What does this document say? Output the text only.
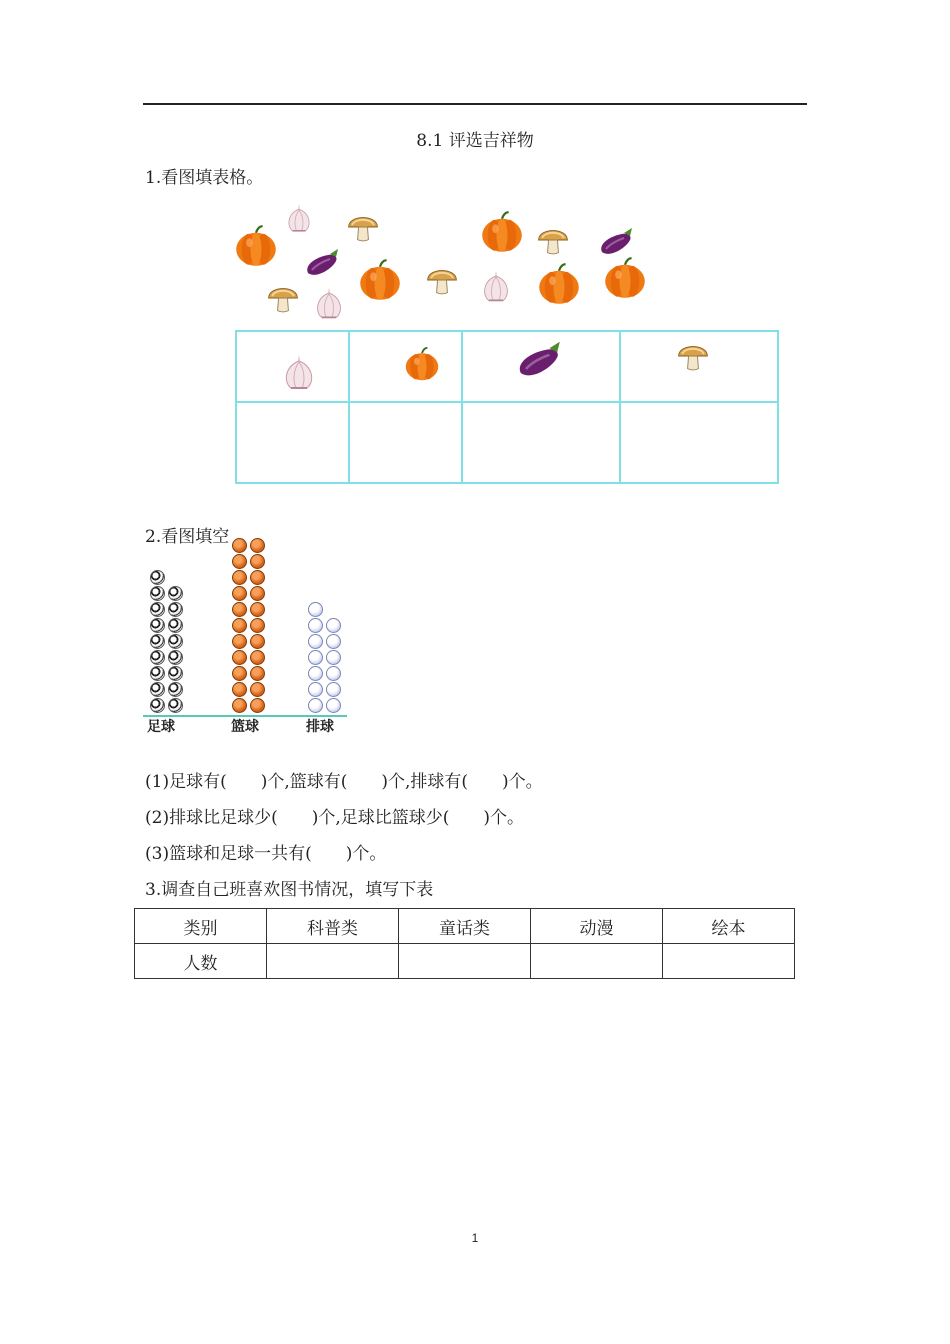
8.1 评选吉祥物
1.看图填表格。

2.看图填空
足球	篮球	排球
(1)足球有(　　)个,篮球有(　　)个,排球有(　　)个。
(2)排球比足球少(　　)个,足球比篮球少(　　)个。
(3)篮球和足球一共有(　　)个。
3.调查自己班喜欢图书情况，填写下表
类别	科普类	童话类	动漫	绘本
人数				
1
